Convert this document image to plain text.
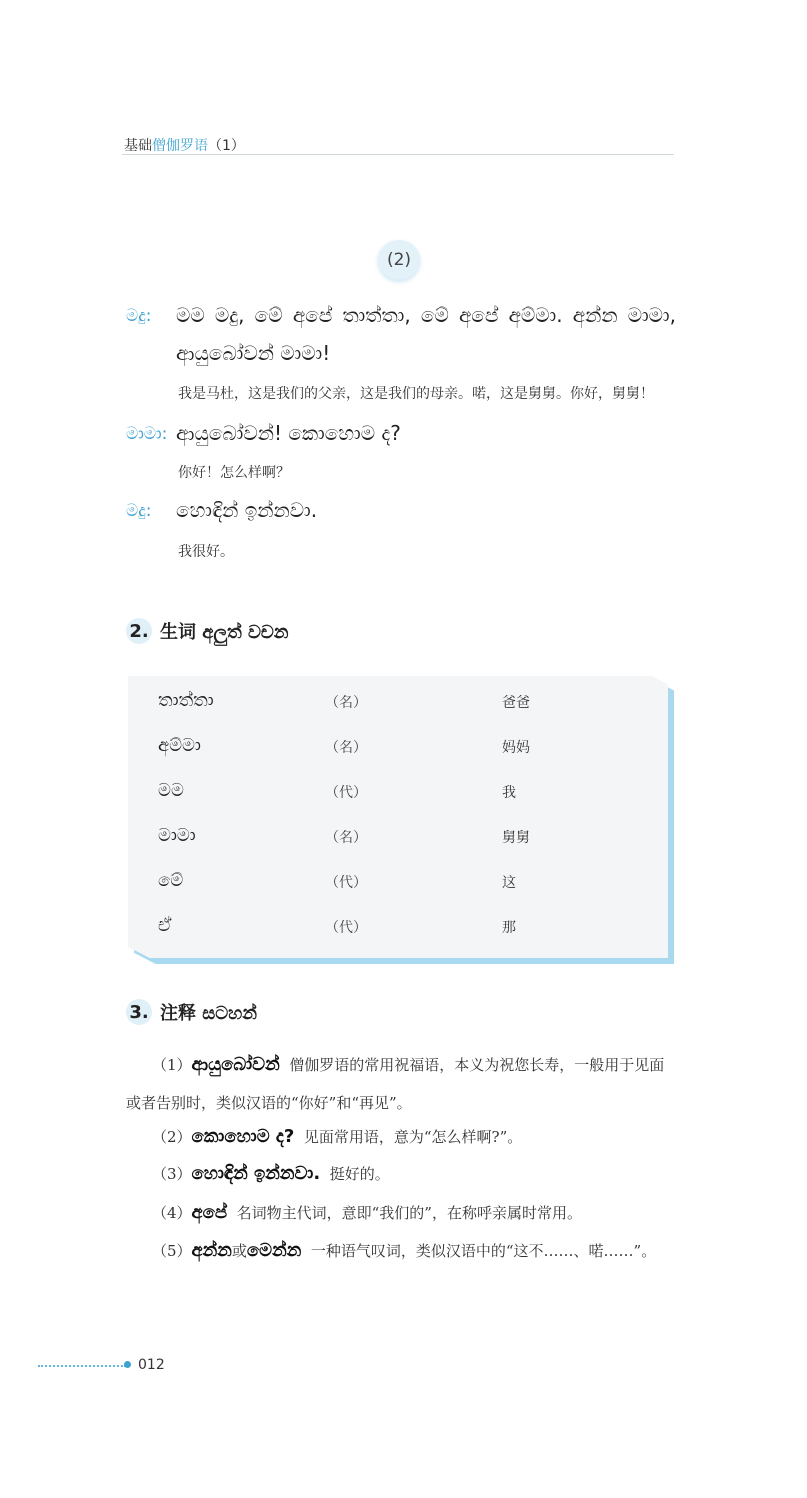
基础僧伽罗语（1）
(2)
මදු: මම මදු, මේ අපේ තාත්තා, මේ අපේ අම්මා. අන්න මාමා,
ආයුබෝවන් මාමා!
我是马杜，这是我们的父亲，这是我们的母亲。喏，这是舅舅。你好，舅舅！
මාමා: ආයුබෝවන්! කොහොම ද?
你好！怎么样啊？
මදු: හොඳින් ඉන්නවා.
我很好。
2. 生词 අලුත් වචන
තාත්තා	（名）	爸爸
අම්මා	（名）	妈妈
මම	（代）	我
මාමා	（名）	舅舅
මේ	（代）	这
ඒ	（代）	那
3. 注释 සටහන්
（1）ආයුබෝවන් 僧伽罗语的常用祝福语，本义为祝您长寿，一般用于见面
或者告别时，类似汉语的“你好”和“再见”。
（2）කොහොම ද? 见面常用语，意为“怎么样啊?”。
（3）හොඳින් ඉන්නවා. 挺好的。
（4）අපේ 名词物主代词，意即“我们的”，在称呼亲属时常用。
（5）අන්න或මෙන්න 一种语气叹词，类似汉语中的“这不……、喏……”。
012
